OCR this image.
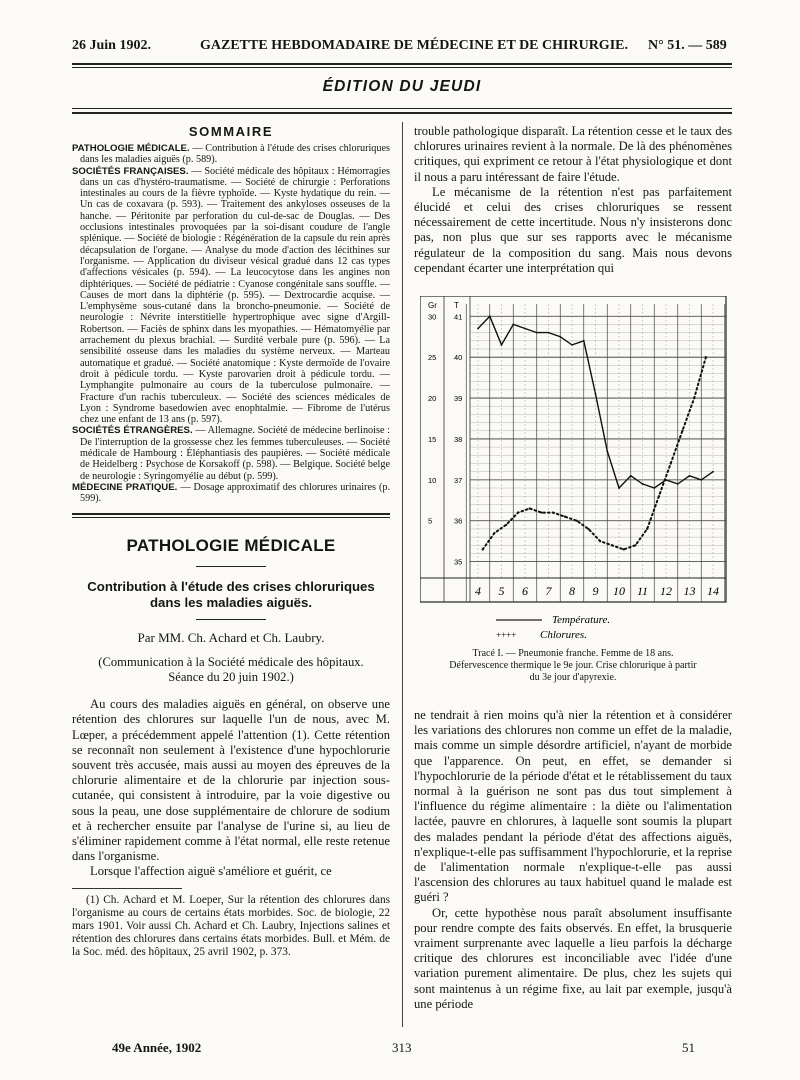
26 Juin 1902.	GAZETTE HEBDOMADAIRE DE MÉDECINE ET DE CHIRURGIE. N° 51. — 589
ÉDITION DU JEUDI
SOMMAIRE

PATHOLOGIE MÉDICALE. — Contribution à l'étude des crises chloruriques dans les maladies aiguës (p. 589).

SOCIÉTÉS FRANÇAISES. — Société médicale des hôpitaux : Hémorragies dans un cas d'hystéro-traumatisme. — Société de chirurgie : Perforations intestinales au cours de la fièvre typhoïde. — Kyste hydatique du rein. — Un cas de coxavara (p. 593). — Traitement des ankyloses osseuses de la hanche. — Péritonite par perforation du cul-de-sac de Douglas. — Des occlusions intestinales provoquées par la soi-disant coudure de l'angle splénique. — Société de biologie : Régénération de la capsule du rein après décapsulation de l'organe. — Analyse du mode d'action des lécithines sur l'organisme. — Application du diviseur vésical gradué dans 12 cas types d'affections vésicales (p. 594). — La leucocytose dans les angines non diphtériques. — Société de pédiatrie : Cyanose congénitale sans souffle. — Causes de mort dans la diphtérie (p. 595). — Dextrocardie acquise. — L'emphysème sous-cutané dans la broncho-pneumonie. — Société de neurologie : Névrite interstitielle hypertrophique avec signe d'Argill-Robertson. — Faciès de sphinx dans les myopathies. — Hématomyélie par arrachement du plexus brachial. — Surdité verbale pure (p. 596). — La sensibilité osseuse dans les maladies du système nerveux. — Marteau automatique et gradué. — Société anatomique : Kyste dermoïde de l'ovaire droit à pédicule tordu. — Kyste parovarien droit à pédicule tordu. — Lymphangite pulmonaire au cours de la tuberculose pulmonaire. — Fracture d'un rachis tuberculeux. — Société des sciences médicales de Lyon : Syndrome basedowien avec enophtalmie. — Fibrome de l'utérus chez une enfant de 13 ans (p. 597).

SOCIÉTÉS ÉTRANGÈRES. — Allemagne. Société de médecine berlinoise : De l'interruption de la grossesse chez les femmes tuberculeuses. — Société médicale de Hambourg : Éléphantiasis des paupières. — Société médicale de Heidelberg : Psychose de Korsakoff (p. 598). — Belgique. Société belge de neurologie : Syringomyélie au début (p. 599).

MÉDECINE PRATIQUE. — Dosage approximatif des chlorures urinaires (p. 599).

PATHOLOGIE MÉDICALE
Contribution à l'étude des crises chloruriques
dans les maladies aiguës.
Par MM. Ch. Achard et Ch. Laubry.
(Communication à la Société médicale des hôpitaux.
Séance du 20 juin 1902.)

Au cours des maladies aiguës en général, on observe une rétention des chlorures sur laquelle l'un de nous, avec M. Lœper, a précédemment appelé l'attention (1). Cette rétention se reconnaît non seulement à l'existence d'une hypochlorurie souvent très accusée, mais aussi au moyen des épreuves de la chlorurie alimentaire et de la chlorurie par injection sous-cutanée, qui consistent à introduire, par la voie digestive ou sous la peau, une dose supplémentaire de chlorure de sodium et à rechercher ensuite par l'analyse de l'urine si, au lieu de s'éliminer rapidement comme à l'état normal, elle reste retenue dans l'organisme.

Lorsque l'affection aiguë s'améliore et guérit, ce

(1) Ch. Achard et M. Loeper, Sur la rétention des chlorures dans l'organisme au cours de certains états morbides. Soc. de biologie, 22 mars 1901. Voir aussi Ch. Achard et Ch. Laubry, Injections salines et rétention des chlorures dans certains états morbides. Bull. et Mém. de la Soc. méd. des hôpitaux, 25 avril 1902, p. 373.

trouble pathologique disparaît. La rétention cesse et le taux des chlorures urinaires revient à la normale. De là des phénomènes critiques, qui expriment ce retour à l'état physiologique et dont il nous a paru intéressant de faire l'étude.

Le mécanisme de la rétention n'est pas parfaitement élucidé et celui des crises chloruriques se ressent nécessairement de cette incertitude. Nous n'y insisterons donc pas, non plus que sur ses rapports avec le mécanisme régulateur de la composition du sang. Mais nous devons cependant écarter une interprétation qui

Gr T
41
40
39
38
37
36
35
30
25
20
15
10
5
4 5 6 7 8 9 10 11 12 13 14
Température.
++++ Chlorures.
Tracé I. — Pneumonie franche. Femme de 18 ans.
Défervescence thermique le 9e jour. Crise chlorurique à partir
du 3e jour d'apyrexie.

ne tendrait à rien moins qu'à nier la rétention et à considérer les variations des chlorures non comme un effet de la maladie, mais comme un simple désordre artificiel, n'ayant de morbide que l'apparence. On peut, en effet, se demander si l'hypochlorurie de la période d'état et le rétablissement du taux normal à la guérison ne sont pas dus tout simplement à l'influence du régime alimentaire : la diète ou l'alimentation lactée, pauvre en chlorures, à laquelle sont soumis la plupart des malades pendant la période d'état des affections aiguës, n'explique-t-elle pas suffisamment l'hypochlorurie, et la reprise de l'alimentation normale n'explique-t-elle pas aussi l'ascension des chlorures au taux habituel quand le malade est guéri ?

Or, cette hypothèse nous paraît absolument insuffisante pour rendre compte des faits observés. En effet, la brusquerie vraiment surprenante avec laquelle a lieu parfois la décharge critique des chlorures est inconciliable avec l'idée d'une variation purement alimentaire. De plus, chez les sujets qui sont maintenus à un régime fixe, au lait par exemple, jusqu'à une période

49e Année, 1902	313	51
